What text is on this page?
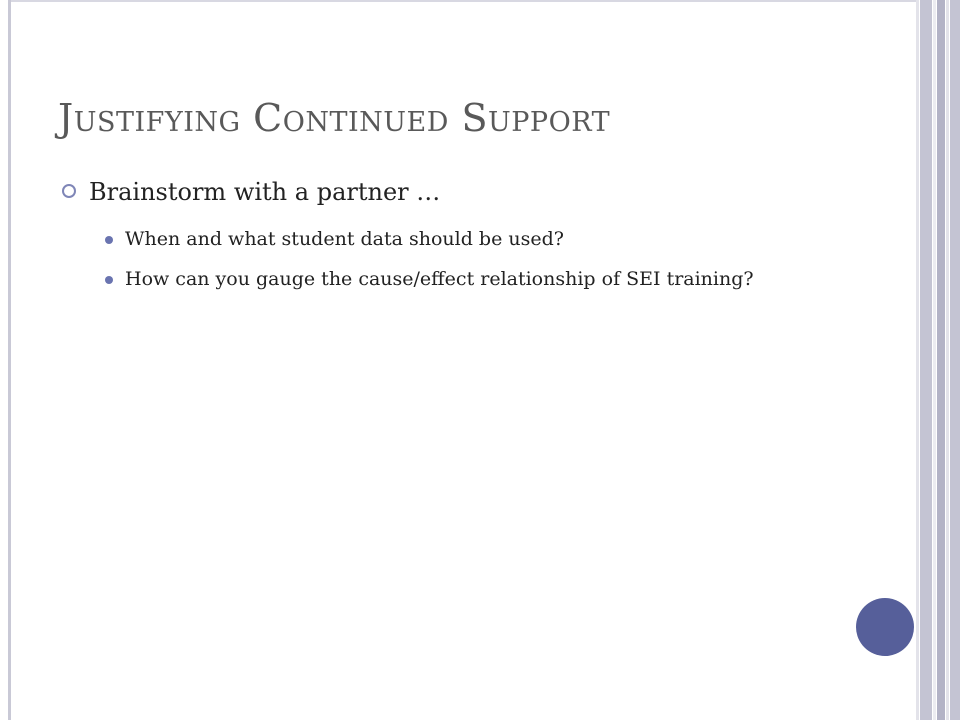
Justifying Continued Support
Brainstorm with a partner …
When and what student data should be used?
How can you gauge the cause/effect relationship of SEI training?
